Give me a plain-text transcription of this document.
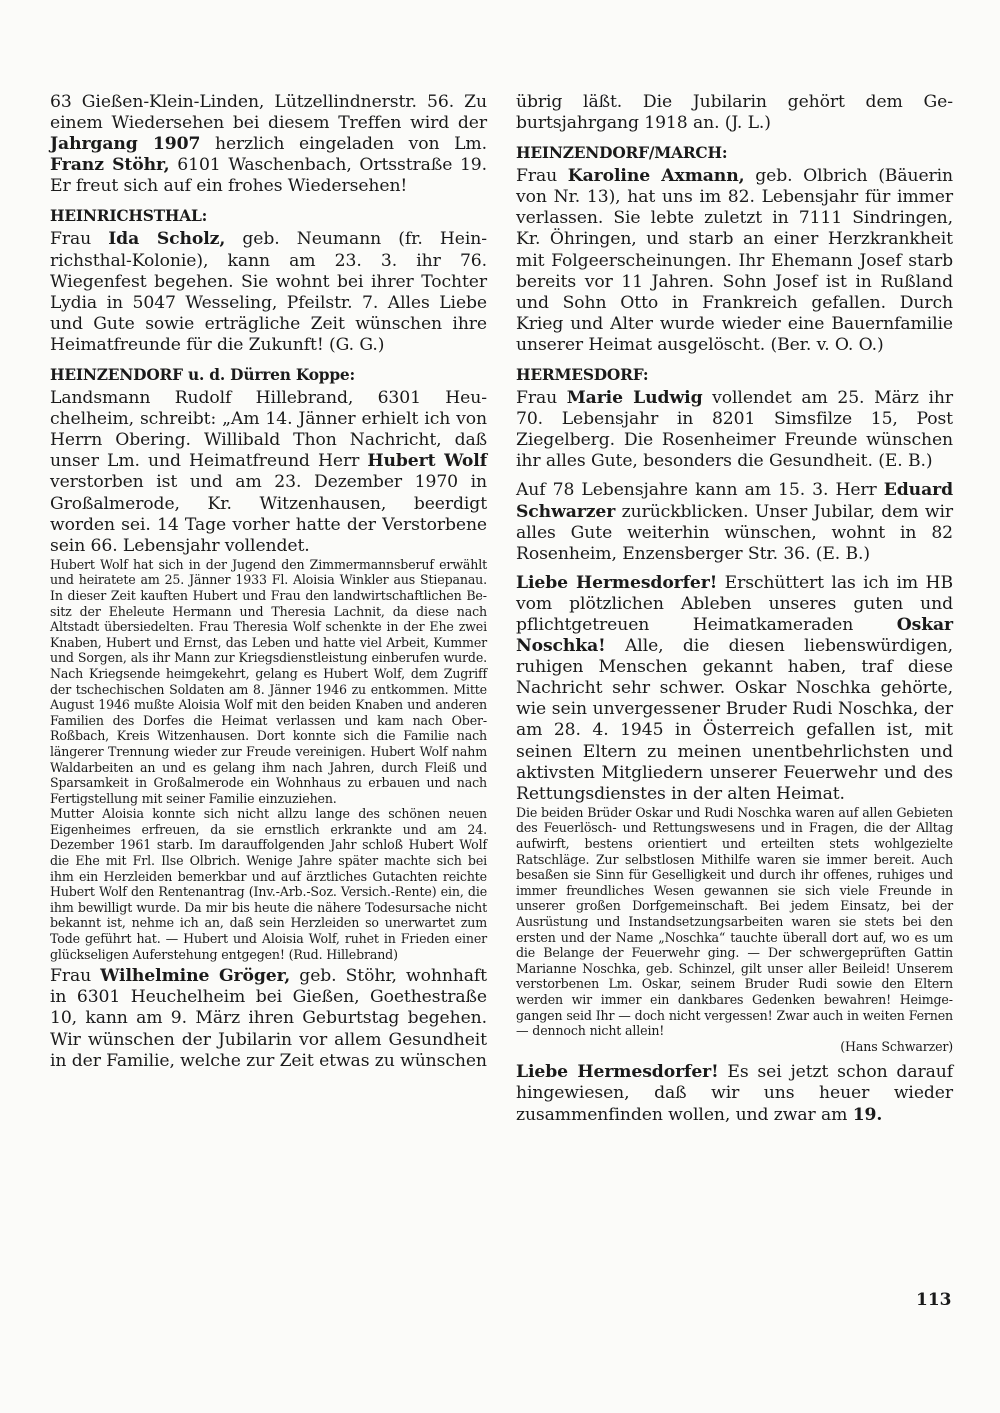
63 Gießen-Klein-Linden, Lützellindnerstr. 56. Zu einem Wiedersehen bei diesem Treffen wird der Jahrgang 1907 herzlich eingeladen von Lm. Franz Stöhr, 6101 Waschenbach, Ortsstraße 19. Er freut sich auf ein frohes Wiedersehen!

HEINRICHSTHAL:

Frau Ida Scholz, geb. Neumann (fr. Heinrichsthal-Kolonie), kann am 23. 3. ihr 76. Wiegenfest begehen. Sie wohnt bei ihrer Tochter Lydia in 5047 Wesseling, Pfeilstr. 7. Alles Liebe und Gute sowie erträgliche Zeit wünschen ihre Heimatfreunde für die Zukunft! (G. G.)

HEINZENDORF u. d. Dürren Koppe:

Landsmann Rudolf Hillebrand, 6301 Heuchelheim, schreibt: „Am 14. Jänner erhielt ich von Herrn Obering. Willibald Thon Nachricht, daß unser Lm. und Heimatfreund Herr Hubert Wolf verstorben ist und am 23. Dezember 1970 in Großalmerode, Kr. Witzenhausen, beerdigt worden sei. 14 Tage vorher hatte der Verstorbene sein 66. Lebensjahr vollendet.

Hubert Wolf hat sich in der Jugend den Zimmermannsberuf erwählt und heiratete am 25. Jänner 1933 Fl. Aloisia Winkler aus Stiepanau. In dieser Zeit kauften Hubert und Frau den landwirtschaftlichen Besitz der Eheleute Hermann und Theresia Lachnit, da diese nach Altstadt übersiedelten. Frau Theresia Wolf schenkte in der Ehe zwei Knaben, Hubert und Ernst, das Leben und hatte viel Arbeit, Kummer und Sorgen, als ihr Mann zur Kriegsdienstleistung einberufen wurde. Nach Kriegsende heimgekehrt, gelang es Hubert Wolf, dem Zugriff der tschechischen Soldaten am 8. Jänner 1946 zu entkommen. Mitte August 1946 mußte Aloisia Wolf mit den beiden Knaben und anderen Familien des Dorfes die Heimat verlassen und kam nach Ober-Roßbach, Kreis Witzenhausen. Dort konnte sich die Familie nach längerer Trennung wieder zur Freude vereinigen. Hubert Wolf nahm Waldarbeiten an und es gelang ihm nach Jahren, durch Fleiß und Sparsamkeit in Großalmerode ein Wohnhaus zu erbauen und nach Fertigstellung mit seiner Familie einzuziehen.

Mutter Aloisia konnte sich nicht allzu lange des schönen neuen Eigenheimes erfreuen, da sie ernstlich erkrankte und am 24. Dezember 1961 starb. Im darauffolgenden Jahr schloß Hubert Wolf die Ehe mit Frl. Ilse Olbrich. Wenige Jahre später machte sich bei ihm ein Herzleiden bemerkbar und auf ärztliches Gutachten reichte Hubert Wolf den Rentenantrag (Inv.-Arb.-Soz. Versich.-Rente) ein, die ihm bewilligt wurde. Da mir bis heute die nähere Todesursache nicht bekannt ist, nehme ich an, daß sein Herzleiden so unerwartet zum Tode geführt hat. — Hubert und Aloisia Wolf, ruhet in Frieden einer glückseligen Auferstehung entgegen! (Rud. Hillebrand)

Frau Wilhelmine Gröger, geb. Stöhr, wohnhaft in 6301 Heuchelheim bei Gießen, Goethestraße 10, kann am 9. März ihren Geburtstag begehen. Wir wünschen der Jubilarin vor allem Gesundheit in der Familie, welche zur Zeit etwas zu wünschen

übrig läßt. Die Jubilarin gehört dem Geburtsjahrgang 1918 an. (J. L.)

HEINZENDORF/MARCH:

Frau Karoline Axmann, geb. Olbrich (Bäuerin von Nr. 13), hat uns im 82. Lebensjahr für immer verlassen. Sie lebte zuletzt in 7111 Sindringen, Kr. Öhringen, und starb an einer Herzkrankheit mit Folgeerscheinungen. Ihr Ehemann Josef starb bereits vor 11 Jahren. Sohn Josef ist in Rußland und Sohn Otto in Frankreich gefallen. Durch Krieg und Alter wurde wieder eine Bauernfamilie unserer Heimat ausgelöscht. (Ber. v. O. O.)

HERMESDORF:

Frau Marie Ludwig vollendet am 25. März ihr 70. Lebensjahr in 8201 Simsfilze 15, Post Ziegelberg. Die Rosenheimer Freunde wünschen ihr alles Gute, besonders die Gesundheit. (E. B.)

Auf 78 Lebensjahre kann am 15. 3. Herr Eduard Schwarzer zurückblicken. Unser Jubilar, dem wir alles Gute weiterhin wünschen, wohnt in 82 Rosenheim, Enzensberger Str. 36. (E. B.)

Liebe Hermesdorfer! Erschüttert las ich im HB vom plötzlichen Ableben unseres guten und pflichtgetreuen Heimatkameraden Oskar Noschka! Alle, die diesen liebenswürdigen, ruhigen Menschen gekannt haben, traf diese Nachricht sehr schwer. Oskar Noschka gehörte, wie sein unvergessener Bruder Rudi Noschka, der am 28. 4. 1945 in Österreich gefallen ist, mit seinen Eltern zu meinen unentbehrlichsten und aktivsten Mitgliedern unserer Feuerwehr und des Rettungsdienstes in der alten Heimat.

Die beiden Brüder Oskar und Rudi Noschka waren auf allen Gebieten des Feuerlösch- und Rettungswesens und in Fragen, die der Alltag aufwirft, bestens orientiert und erteilten stets wohlgezielte Ratschläge. Zur selbstlosen Mithilfe waren sie immer bereit. Auch besaßen sie Sinn für Geselligkeit und durch ihr offenes, ruhiges und immer freundliches Wesen gewannen sie sich viele Freunde in unserer großen Dorfgemeinschaft. Bei jedem Einsatz, bei der Ausrüstung und Instandsetzungsarbeiten waren sie stets bei den ersten und der Name „Noschka“ tauchte überall dort auf, wo es um die Belange der Feuerwehr ging. — Der schwergeprüften Gattin Marianne Noschka, geb. Schinzel, gilt unser aller Beileid! Unserem verstorbenen Lm. Oskar, seinem Bruder Rudi sowie den Eltern werden wir immer ein dankbares Gedenken bewahren! Heimgegangen seid Ihr — doch nicht vergessen! Zwar auch in weiten Fernen — dennoch nicht allein!

(Hans Schwarzer)

Liebe Hermesdorfer! Es sei jetzt schon darauf hingewiesen, daß wir uns heuer wieder zusammenfinden wollen, und zwar am 19.

113
